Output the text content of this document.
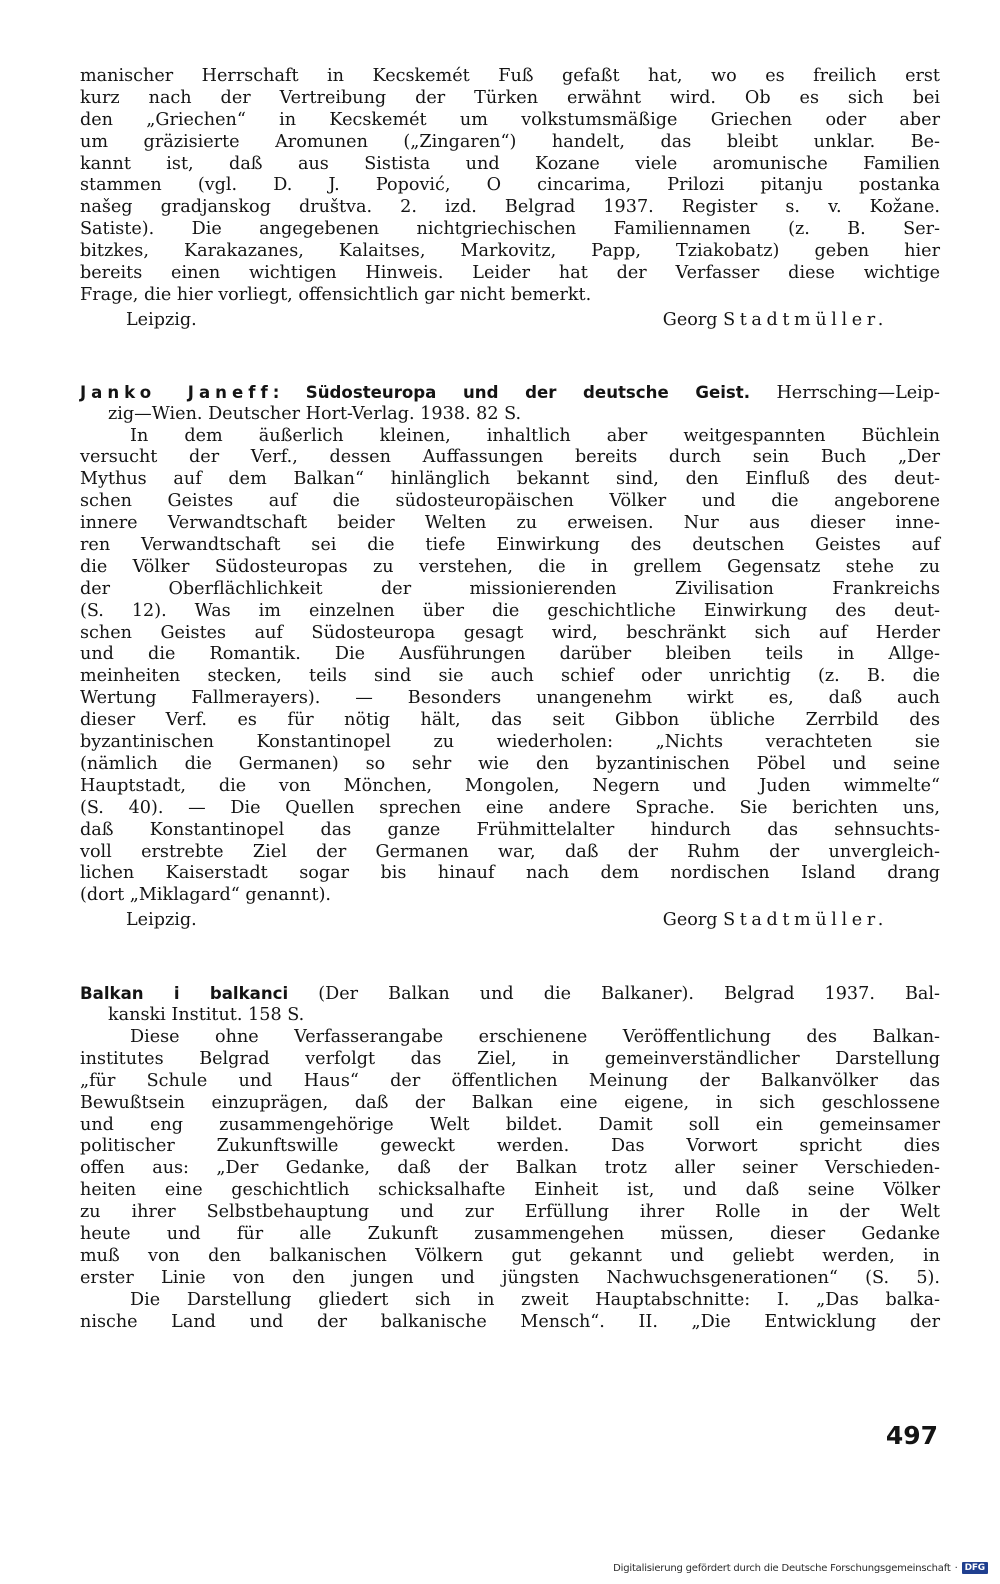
manischer Herrschaft in Kecskemét Fuß gefaßt hat, wo es freilich erst
kurz nach der Vertreibung der Türken erwähnt wird. Ob es sich bei
den „Griechen“ in Kecskemét um volkstumsmäßige Griechen oder aber
um gräzisierte Aromunen („Zingaren“) handelt, das bleibt unklar. Be-
kannt ist, daß aus Sistista und Kozane viele aromunische Familien
stammen (vgl. D. J. Popović, O cincarima, Prilozi pitanju postanka
našeg gradjanskog društva. 2. izd. Belgrad 1937. Register s. v. Kožane.
Satiste). Die angegebenen nichtgriechischen Familiennamen (z. B. Ser-
bitzkes, Karakazanes, Kalaitses, Markovitz, Papp, Tziakobatz) geben hier
bereits einen wichtigen Hinweis. Leider hat der Verfasser diese wichtige
Frage, die hier vorliegt, offensichtlich gar nicht bemerkt.
Leipzig.	Georg Stadtmüller.
Janko Janeff: Südosteuropa und der deutsche Geist. Herrsching—Leip-
zig—Wien. Deutscher Hort-Verlag. 1938. 82 S.
In dem äußerlich kleinen, inhaltlich aber weitgespannten Büchlein
versucht der Verf., dessen Auffassungen bereits durch sein Buch „Der
Mythus auf dem Balkan“ hinlänglich bekannt sind, den Einfluß des deut-
schen Geistes auf die südosteuropäischen Völker und die angeborene
innere Verwandtschaft beider Welten zu erweisen. Nur aus dieser inne-
ren Verwandtschaft sei die tiefe Einwirkung des deutschen Geistes auf
die Völker Südosteuropas zu verstehen, die in grellem Gegensatz stehe zu
der Oberflächlichkeit der missionierenden Zivilisation Frankreichs
(S. 12). Was im einzelnen über die geschichtliche Einwirkung des deut-
schen Geistes auf Südosteuropa gesagt wird, beschränkt sich auf Herder
und die Romantik. Die Ausführungen darüber bleiben teils in Allge-
meinheiten stecken, teils sind sie auch schief oder unrichtig (z. B. die
Wertung Fallmerayers). — Besonders unangenehm wirkt es, daß auch
dieser Verf. es für nötig hält, das seit Gibbon übliche Zerrbild des
byzantinischen Konstantinopel zu wiederholen: „Nichts verachteten sie
(nämlich die Germanen) so sehr wie den byzantinischen Pöbel und seine
Hauptstadt, die von Mönchen, Mongolen, Negern und Juden wimmelte“
(S. 40). — Die Quellen sprechen eine andere Sprache. Sie berichten uns,
daß Konstantinopel das ganze Frühmittelalter hindurch das sehnsuchts-
voll erstrebte Ziel der Germanen war, daß der Ruhm der unvergleich-
lichen Kaiserstadt sogar bis hinauf nach dem nordischen Island drang
(dort „Miklagard“ genannt).
Leipzig.	Georg Stadtmüller.
Balkan i balkanci (Der Balkan und die Balkaner). Belgrad 1937. Bal-
kanski Institut. 158 S.
Diese ohne Verfasserangabe erschienene Veröffentlichung des Balkan-
institutes Belgrad verfolgt das Ziel, in gemeinverständlicher Darstellung
„für Schule und Haus“ der öffentlichen Meinung der Balkanvölker das
Bewußtsein einzuprägen, daß der Balkan eine eigene, in sich geschlossene
und eng zusammengehörige Welt bildet. Damit soll ein gemeinsamer
politischer Zukunftswille geweckt werden. Das Vorwort spricht dies
offen aus: „Der Gedanke, daß der Balkan trotz aller seiner Verschieden-
heiten eine geschichtlich schicksalhafte Einheit ist, und daß seine Völker
zu ihrer Selbstbehauptung und zur Erfüllung ihrer Rolle in der Welt
heute und für alle Zukunft zusammengehen müssen, dieser Gedanke
muß von den balkanischen Völkern gut gekannt und geliebt werden, in
erster Linie von den jungen und jüngsten Nachwuchsgenerationen“ (S. 5).
Die Darstellung gliedert sich in zweit Hauptabschnitte: I. „Das balka-
nische Land und der balkanische Mensch“. II. „Die Entwicklung der
497
Digitalisierung gefördert durch die Deutsche Forschungsgemeinschaft · DFG
